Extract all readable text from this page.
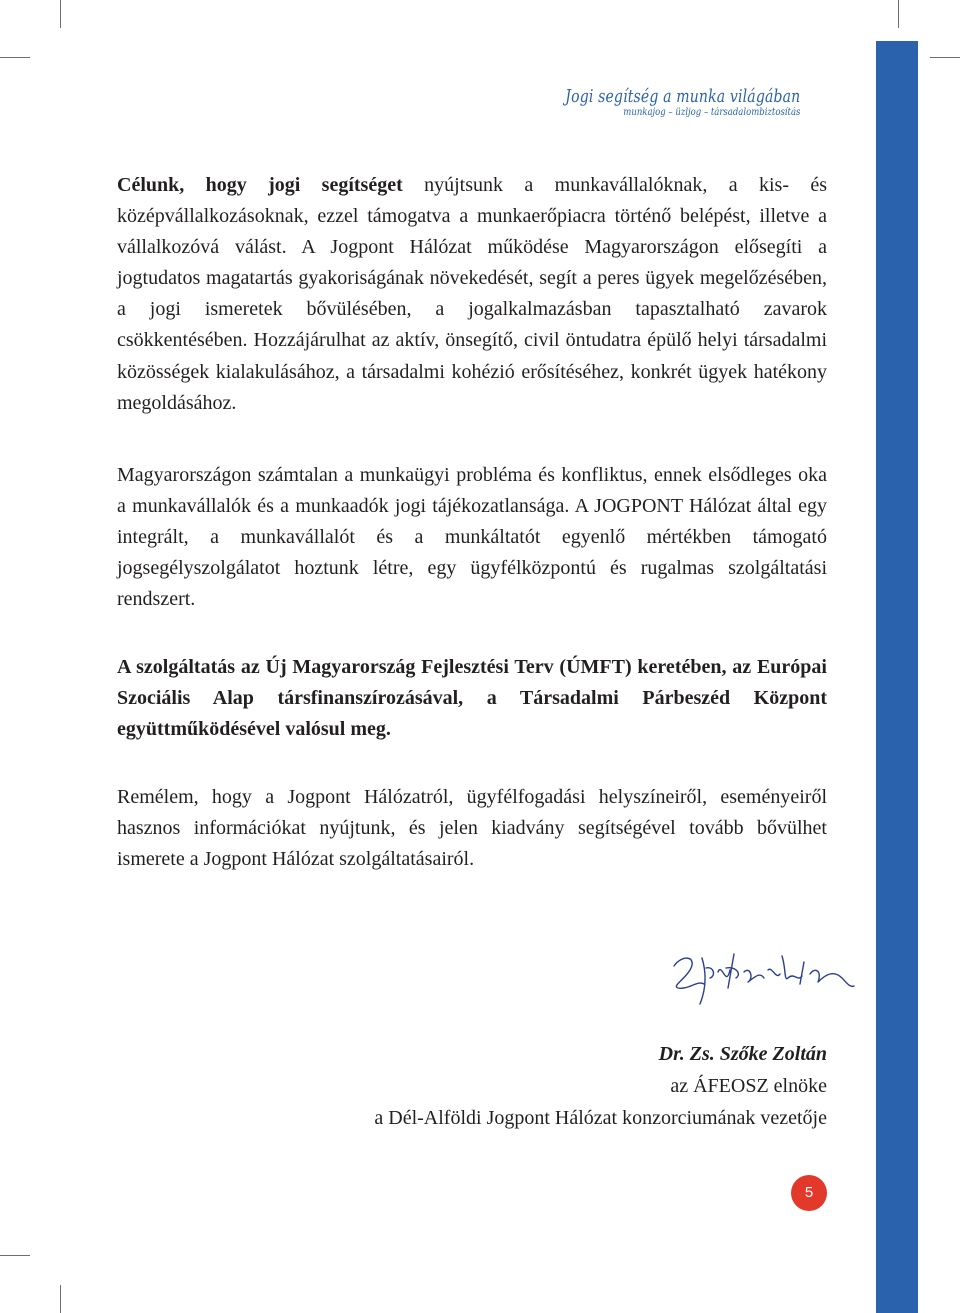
Jogi segítség a munka világában
munkajog – üzljog – társadalombiztosítás
Célunk, hogy jogi segítséget nyújtsunk a munkavállalóknak, a kis- és középvállalkozásoknak, ezzel támogatva a munkaerőpiacra történő belépést, illetve a vállalkozóvá válást. A Jogpont Hálózat működése Magyarországon elősegíti a jogtudatos magatartás gyakoriságának növekedését, segít a peres ügyek megelőzésében, a jogi ismeretek bővülésében, a jogalkalmazásban tapasztalható zavarok csökkentésében. Hozzájárulhat az aktív, önsegítő, civil öntudatra épülő helyi társadalmi közösségek kialakulásához, a társadalmi kohézió erősítéséhez, konkrét ügyek hatékony megoldásához.
Magyarországon számtalan a munkaügyi probléma és konfliktus, ennek elsődleges oka a munkavállalók és a munkaadók jogi tájékozatlansága. A JOGPONT Hálózat által egy integrált, a munkavállalót és a munkáltatót egyenlő mértékben támogató jogsegélyszolgálatot hoztunk létre, egy ügyfélközpontú és rugalmas szolgáltatási rendszert.
A szolgáltatás az Új Magyarország Fejlesztési Terv (ÚMFT) keretében, az Európai Szociális Alap társfinanszírozásával, a Társadalmi Párbeszéd Központ együttműködésével valósul meg.
Remélem, hogy a Jogpont Hálózatról, ügyfélfogadási helyszíneiről, eseményeiről hasznos információkat nyújtunk, és jelen kiadvány segítségével tovább bővülhet ismerete a Jogpont Hálózat szolgáltatásairól.
Dr. Zs. Szőke Zoltán
az ÁFEOSZ elnöke
a Dél-Alföldi Jogpont Hálózat konzorciumának vezetője
5
